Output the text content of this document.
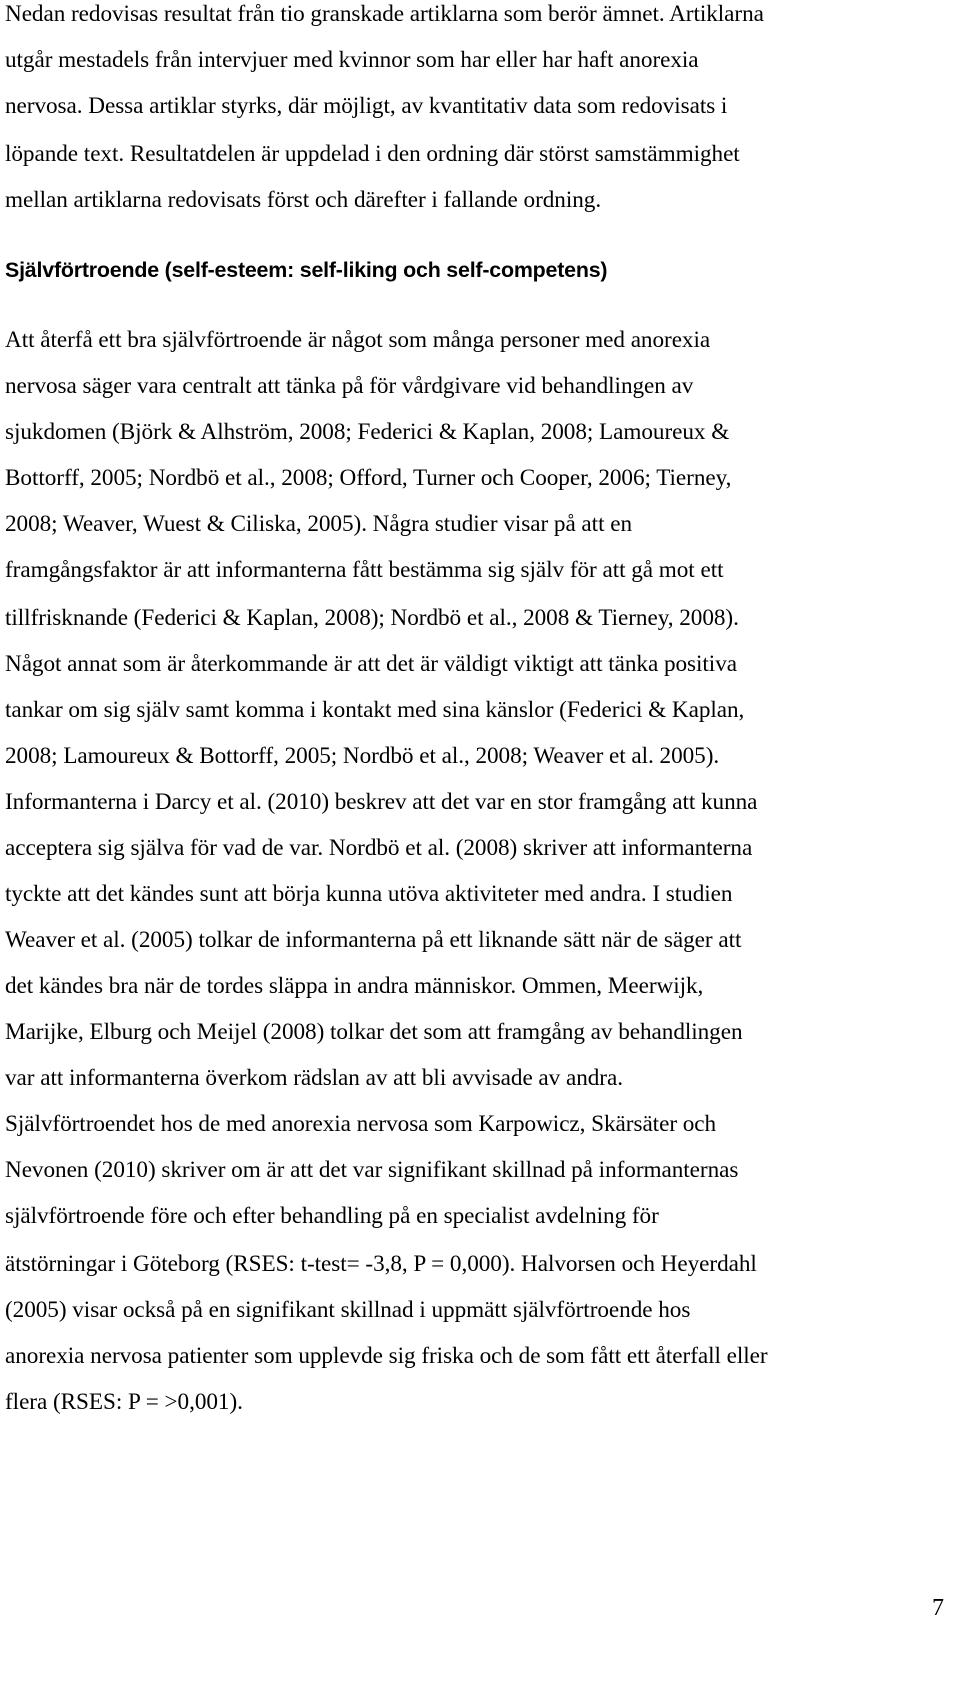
Nedan redovisas resultat från tio granskade artiklarna som berör ämnet. Artiklarna
utgår mestadels från intervjuer med kvinnor som har eller har haft anorexia
nervosa. Dessa artiklar styrks, där möjligt, av kvantitativ data som redovisats i
löpande text. Resultatdelen är uppdelad i den ordning där störst samstämmighet
mellan artiklarna redovisats först och därefter i fallande ordning.
Självförtroende (self-esteem: self-liking och self-competens)
Att återfå ett bra självförtroende är något som många personer med anorexia
nervosa säger vara centralt att tänka på för vårdgivare vid behandlingen av
sjukdomen (Björk & Alhström, 2008; Federici & Kaplan, 2008; Lamoureux &
Bottorff, 2005; Nordbö et al., 2008; Offord, Turner och Cooper, 2006; Tierney,
2008; Weaver, Wuest & Ciliska, 2005). Några studier visar på att en
framgångsfaktor är att informanterna fått bestämma sig själv för att gå mot ett
tillfrisknande (Federici & Kaplan, 2008); Nordbö et al., 2008 & Tierney, 2008).
Något annat som är återkommande är att det är väldigt viktigt att tänka positiva
tankar om sig själv samt komma i kontakt med sina känslor (Federici & Kaplan,
2008; Lamoureux & Bottorff, 2005; Nordbö et al., 2008; Weaver et al. 2005).
Informanterna i Darcy et al. (2010) beskrev att det var en stor framgång att kunna
acceptera sig själva för vad de var. Nordbö et al. (2008) skriver att informanterna
tyckte att det kändes sunt att börja kunna utöva aktiviteter med andra. I studien
Weaver et al. (2005) tolkar de informanterna på ett liknande sätt när de säger att
det kändes bra när de tordes släppa in andra människor. Ommen, Meerwijk,
Marijke, Elburg och Meijel (2008) tolkar det som att framgång av behandlingen
var att informanterna överkom rädslan av att bli avvisade av andra.
Självförtroendet hos de med anorexia nervosa som Karpowicz, Skärsäter och
Nevonen (2010) skriver om är att det var signifikant skillnad på informanternas
självförtroende före och efter behandling på en specialist avdelning för
ätstörningar i Göteborg (RSES: t-test= -3,8, P = 0,000). Halvorsen och Heyerdahl
(2005) visar också på en signifikant skillnad i uppmätt självförtroende hos
anorexia nervosa patienter som upplevde sig friska och de som fått ett återfall eller
flera (RSES: P = >0,001).
7
